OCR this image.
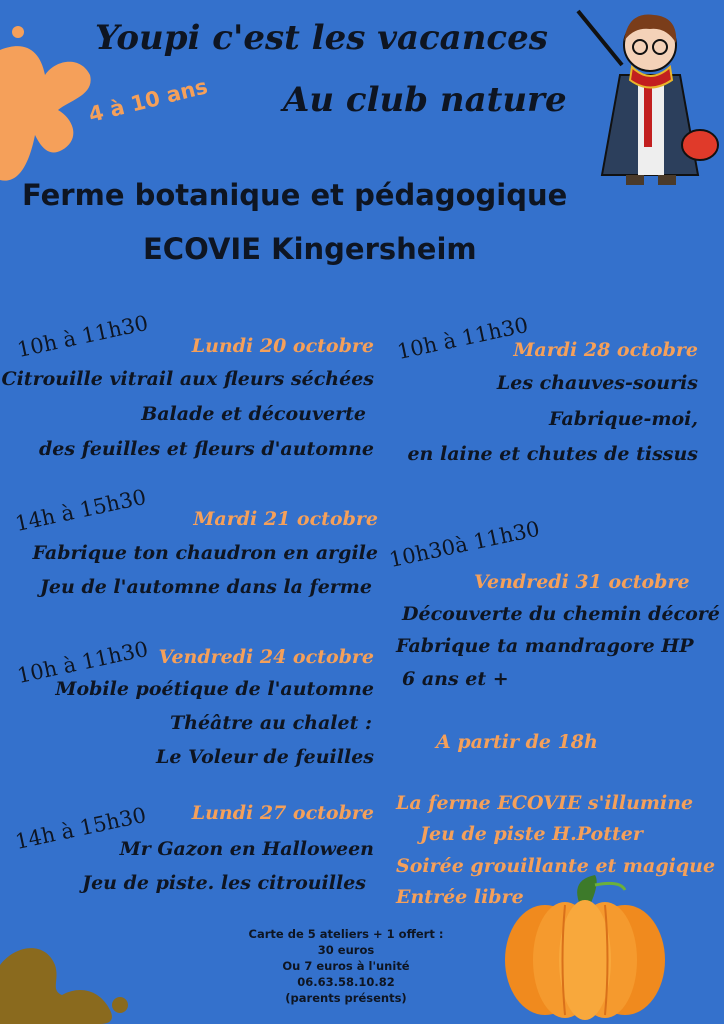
Youpi c'est les vacances
Au club nature
4 à 10 ans
Ferme botanique et pédagogique
ECOVIE Kingersheim
10h à 11h30 Lundi 20 octobre
Citrouille vitrail aux fleurs séchées
Balade et découverte
des feuilles et fleurs d'automne
14h à 15h30 Mardi 21 octobre
Fabrique ton chaudron en argile
Jeu de l'automne dans la ferme
10h à 11h30 Vendredi 24 octobre
Mobile poétique de l'automne
Théâtre au chalet :
Le Voleur de feuilles
14h à 15h30 Lundi 27 octobre
Mr Gazon en Halloween
Jeu de piste. les citrouilles
10h à 11h30
Mardi 28 octobre
Les chauves-souris
Fabrique-moi,
en laine et chutes de tissus
10h30à 11h30
Vendredi 31 octobre
Découverte du chemin décoré
Fabrique ta mandragore HP
6 ans et +
A partir de 18h
La ferme ECOVIE s'illumine
Jeu de piste H.Potter
Soirée grouillante et magique
Entrée libre
Carte de 5 ateliers + 1 offert :
30 euros
Ou 7 euros à l'unité
06.63.58.10.82
(parents présents)
